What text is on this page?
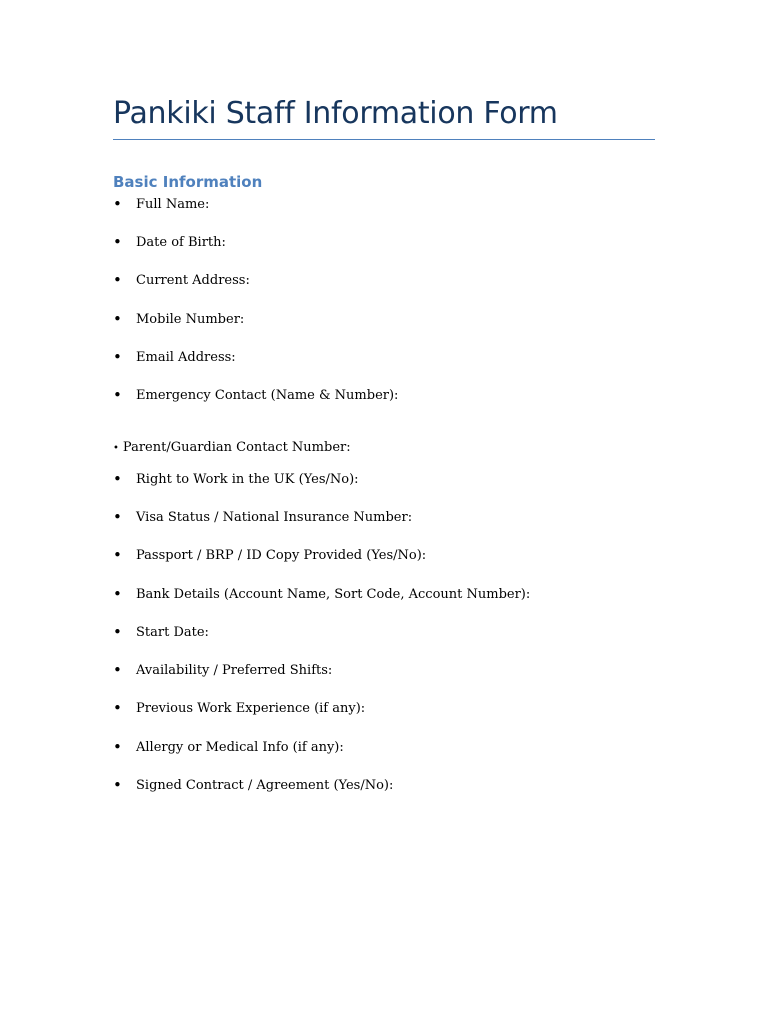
Pankiki Staff Information Form
Basic Information
• Full Name:
• Date of Birth:
• Current Address:
• Mobile Number:
• Email Address:
• Emergency Contact (Name & Number):
• Parent/Guardian Contact Number:
• Right to Work in the UK (Yes/No):
• Visa Status / National Insurance Number:
• Passport / BRP / ID Copy Provided (Yes/No):
• Bank Details (Account Name, Sort Code, Account Number):
• Start Date:
• Availability / Preferred Shifts:
• Previous Work Experience (if any):
• Allergy or Medical Info (if any):
• Signed Contract / Agreement (Yes/No):
